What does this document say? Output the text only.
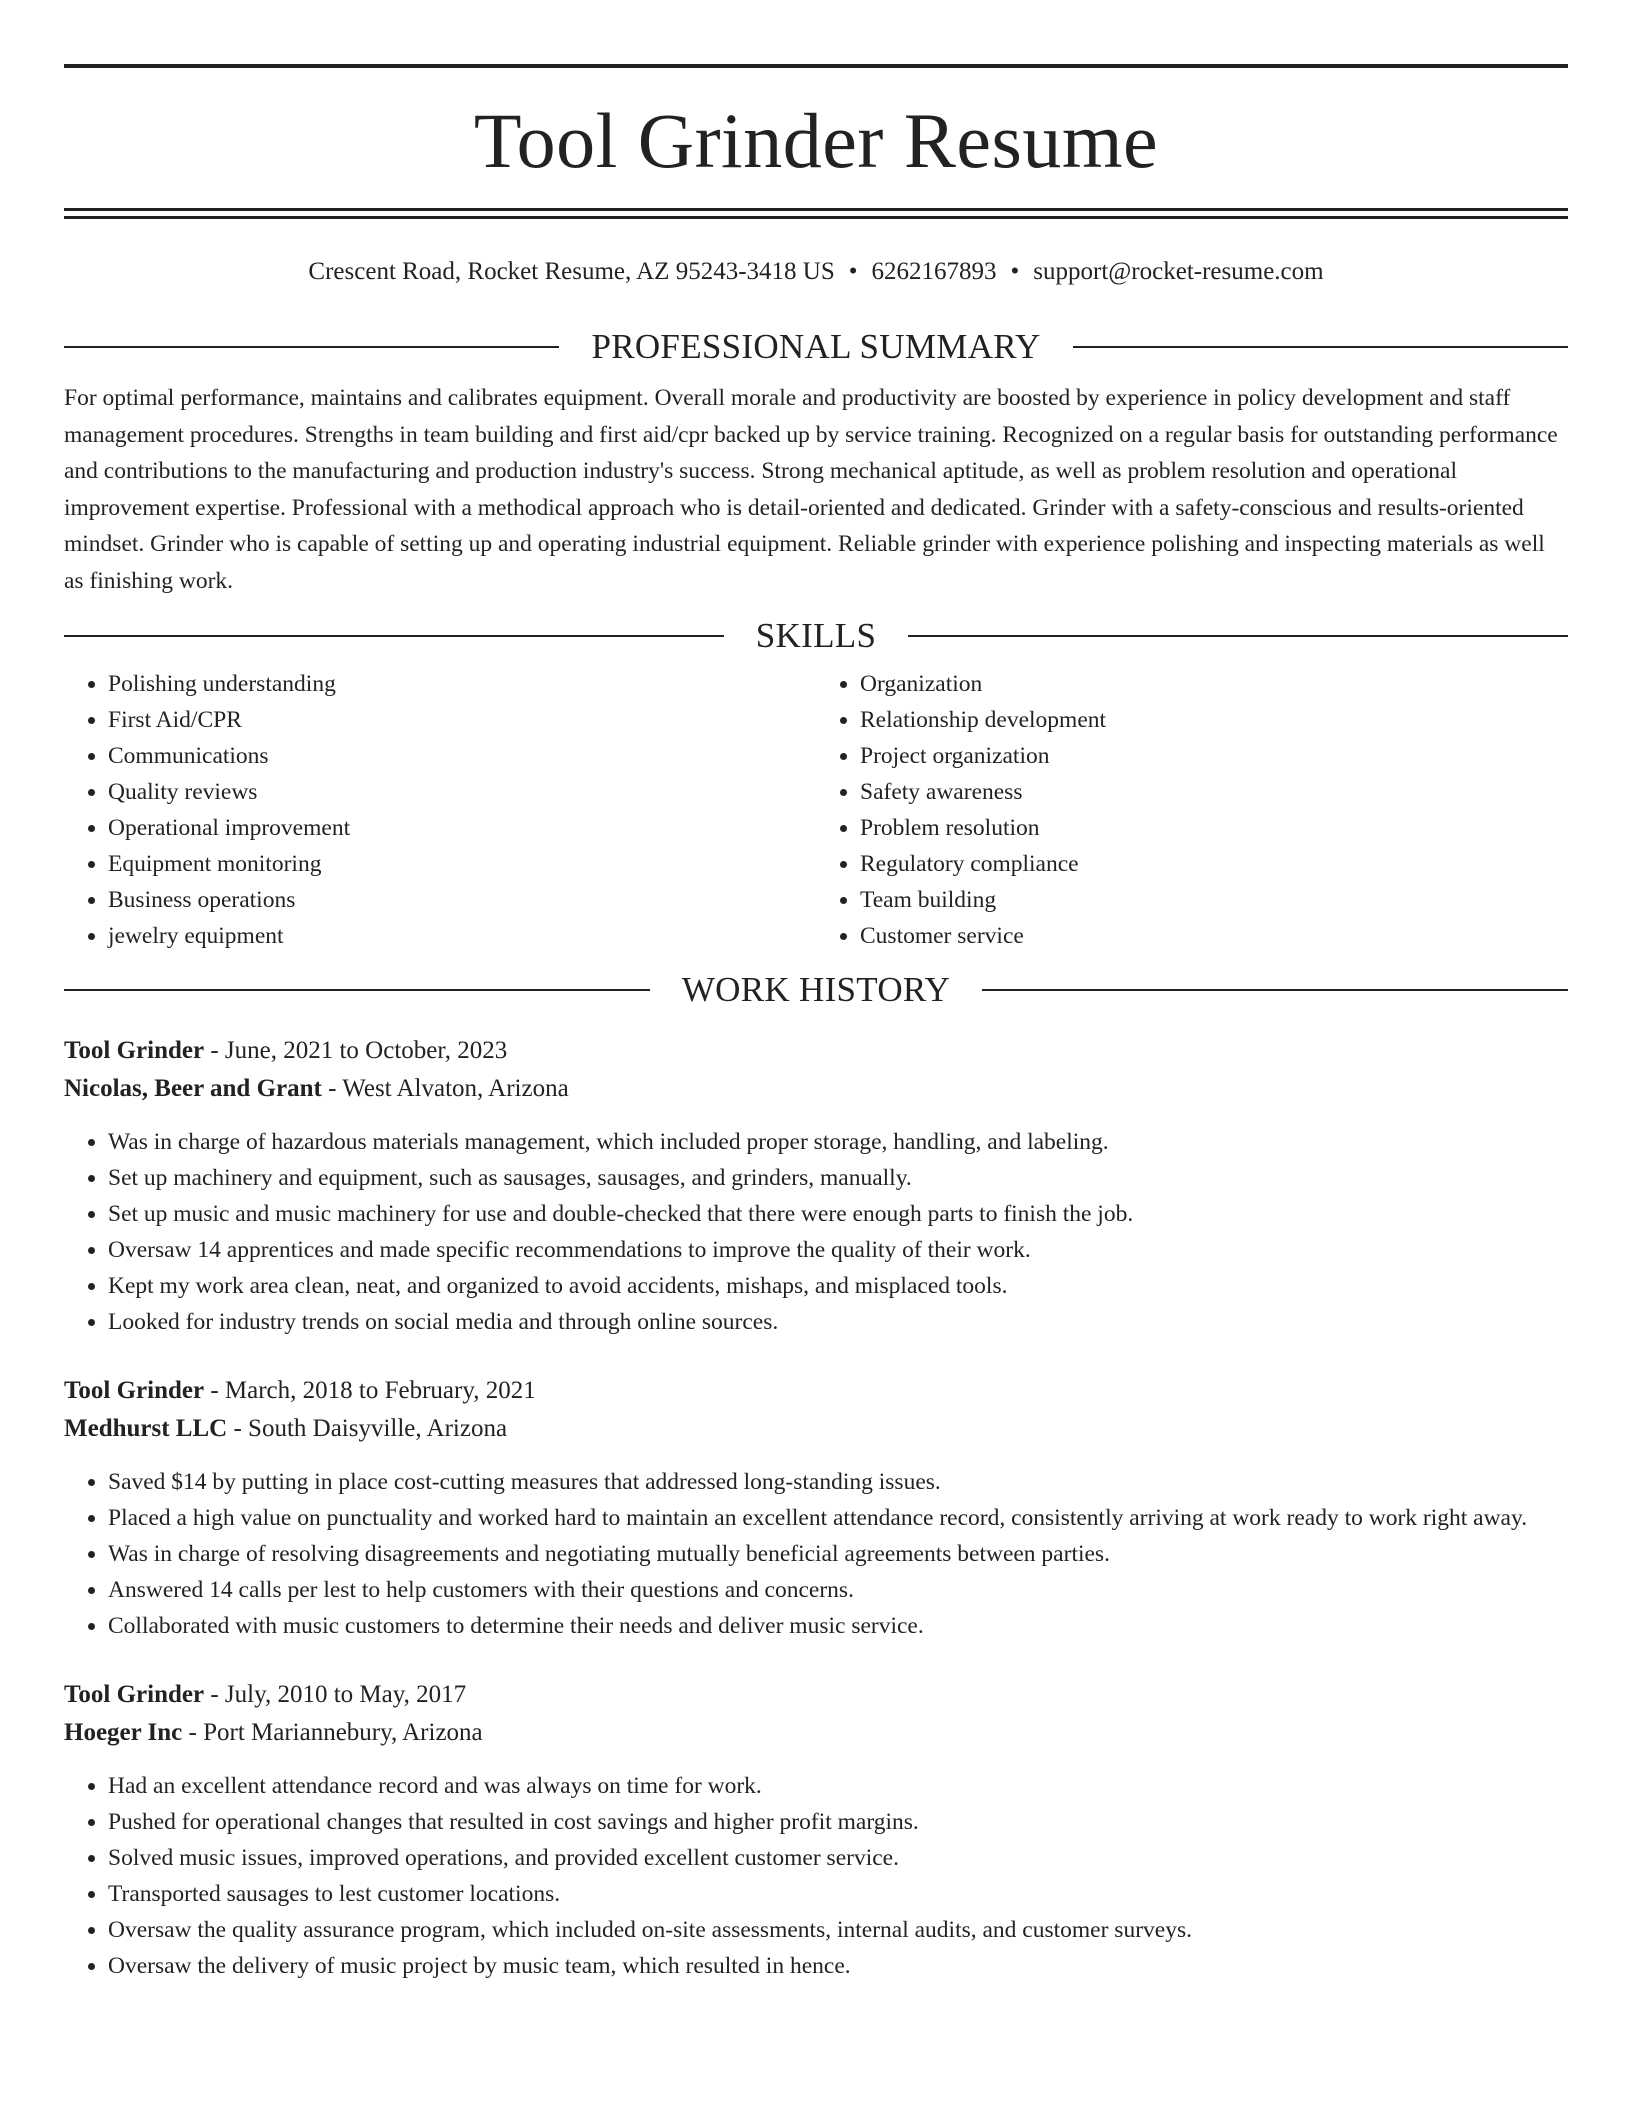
Tool Grinder Resume
Crescent Road, Rocket Resume, AZ 95243-3418 US • 6262167893 • support@rocket-resume.com
PROFESSIONAL SUMMARY

For optimal performance, maintains and calibrates equipment. Overall morale and productivity are boosted by experience in policy development and staff management procedures. Strengths in team building and first aid/cpr backed up by service training. Recognized on a regular basis for outstanding performance and contributions to the manufacturing and production industry's success. Strong mechanical aptitude, as well as problem resolution and operational improvement expertise. Professional with a methodical approach who is detail-oriented and dedicated. Grinder with a safety-conscious and results-oriented mindset. Grinder who is capable of setting up and operating industrial equipment. Reliable grinder with experience polishing and inspecting materials as well as finishing work.

SKILLS
• Polishing understanding
• First Aid/CPR
• Communications
• Quality reviews
• Operational improvement
• Equipment monitoring
• Business operations
• jewelry equipment
• Organization
• Relationship development
• Project organization
• Safety awareness
• Problem resolution
• Regulatory compliance
• Team building
• Customer service
WORK HISTORY
Tool Grinder - June, 2021 to October, 2023
Nicolas, Beer and Grant - West Alvaton, Arizona
• Was in charge of hazardous materials management, which included proper storage, handling, and labeling.
• Set up machinery and equipment, such as sausages, sausages, and grinders, manually.
• Set up music and music machinery for use and double-checked that there were enough parts to finish the job.
• Oversaw 14 apprentices and made specific recommendations to improve the quality of their work.
• Kept my work area clean, neat, and organized to avoid accidents, mishaps, and misplaced tools.
• Looked for industry trends on social media and through online sources.
Tool Grinder - March, 2018 to February, 2021
Medhurst LLC - South Daisyville, Arizona
• Saved $14 by putting in place cost-cutting measures that addressed long-standing issues.
• Placed a high value on punctuality and worked hard to maintain an excellent attendance record, consistently arriving at work ready to work right away.
• Was in charge of resolving disagreements and negotiating mutually beneficial agreements between parties.
• Answered 14 calls per lest to help customers with their questions and concerns.
• Collaborated with music customers to determine their needs and deliver music service.
Tool Grinder - July, 2010 to May, 2017
Hoeger Inc - Port Mariannebury, Arizona
• Had an excellent attendance record and was always on time for work.
• Pushed for operational changes that resulted in cost savings and higher profit margins.
• Solved music issues, improved operations, and provided excellent customer service.
• Transported sausages to lest customer locations.
• Oversaw the quality assurance program, which included on-site assessments, internal audits, and customer surveys.
• Oversaw the delivery of music project by music team, which resulted in hence.
